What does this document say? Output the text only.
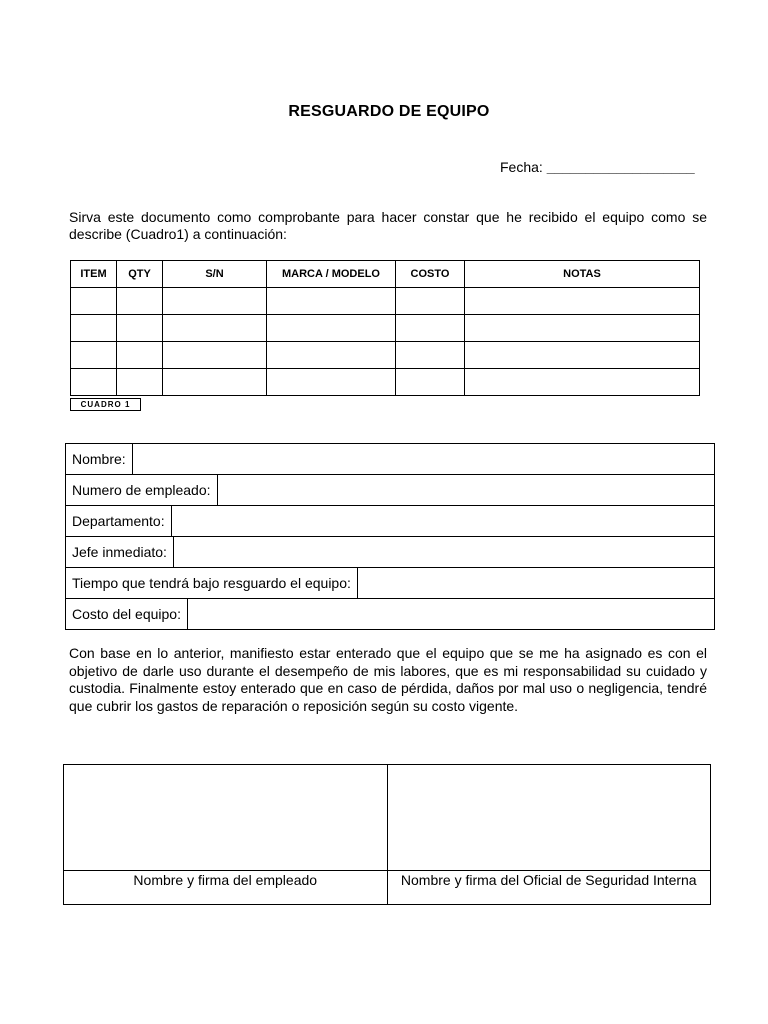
RESGUARDO DE EQUIPO
Fecha: ___________________
Sirva este documento como comprobante para hacer constar que he recibido el equipo como se describe (Cuadro1) a continuación:
ITEM	QTY	S/N	MARCA / MODELO	COSTO	NOTAS

CUADRO 1
Nombre:
Numero de empleado:
Departamento:
Jefe inmediato:
Tiempo que tendrá bajo resguardo el equipo:
Costo del equipo:
Con base en lo anterior, manifiesto estar enterado que el equipo que se me ha asignado es con el objetivo de darle uso durante el desempeño de mis labores, que es mi responsabilidad su cuidado y custodia. Finalmente estoy enterado que en caso de pérdida, daños por mal uso o negligencia, tendré que cubrir los gastos de reparación o reposición según su costo vigente.
Nombre y firma del empleado	Nombre y firma del Oficial de Seguridad Interna
